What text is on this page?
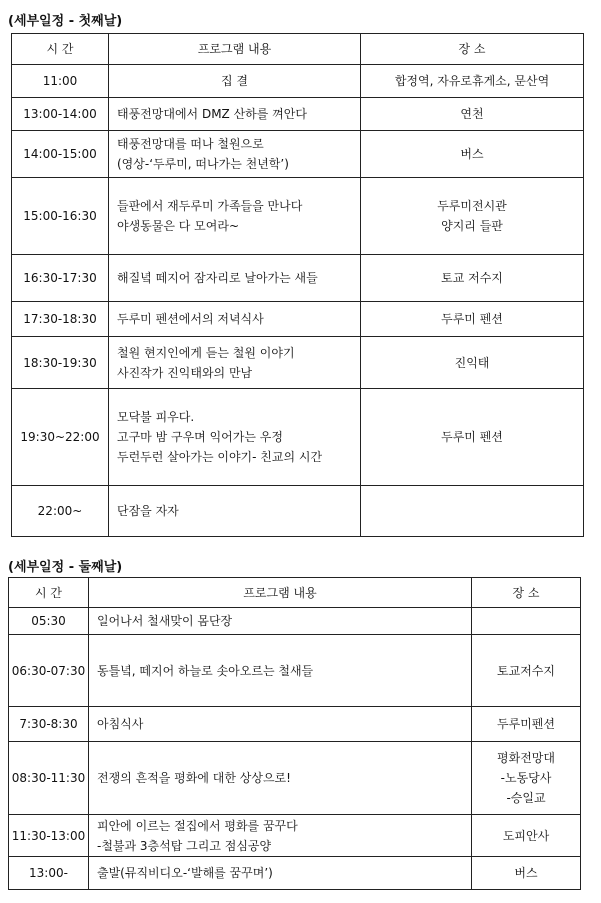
(세부일정 - 첫째날)
시 간	프로그램 내용	장 소
11:00	집 결	합정역, 자유로휴게소, 문산역

13:00-14:00	태풍전망대에서 DMZ 산하를 껴안다	연천

14:00-15:00	태풍전망대를 떠나 철원으로
(영상-‘두루미, 떠나가는 천년학’)	버스

15:00-16:30	들판에서 재두루미 가족들을 만나다
야생동물은 다 모여라~	두루미전시관
양지리 들판

16:30-17:30	해질녘 떼지어 잠자리로 날아가는 새들	토교 저수지

17:30-18:30	두루미 펜션에서의 저녁식사	두루미 펜션

18:30-19:30	철원 현지인에게 듣는 철원 이야기
사진작가 진익태와의 만남	진익태

19:30~22:00	모닥불 피우다.
고구마 밤 구우며 익어가는 우정
두런두런 살아가는 이야기- 친교의 시간	두루미 펜션

22:00~	단잠을 자자	

(세부일정 - 둘째날)
시 간	프로그램 내용	장 소
05:30	일어나서 철새맞이 몸단장	

06:30-07:30	동틀녘, 떼지어 하늘로 솟아오르는 철새들	토교저수지

7:30-8:30	아침식사	두루미펜션

08:30-11:30	전쟁의 흔적을 평화에 대한 상상으로!	평화전망대
-노동당사
-승일교

11:30-13:00	피안에 이르는 절집에서 평화를 꿈꾸다
-철불과 3층석탑 그리고 점심공양	도피안사

13:00-	출발(뮤직비디오-‘발해를 꿈꾸며’)	버스
